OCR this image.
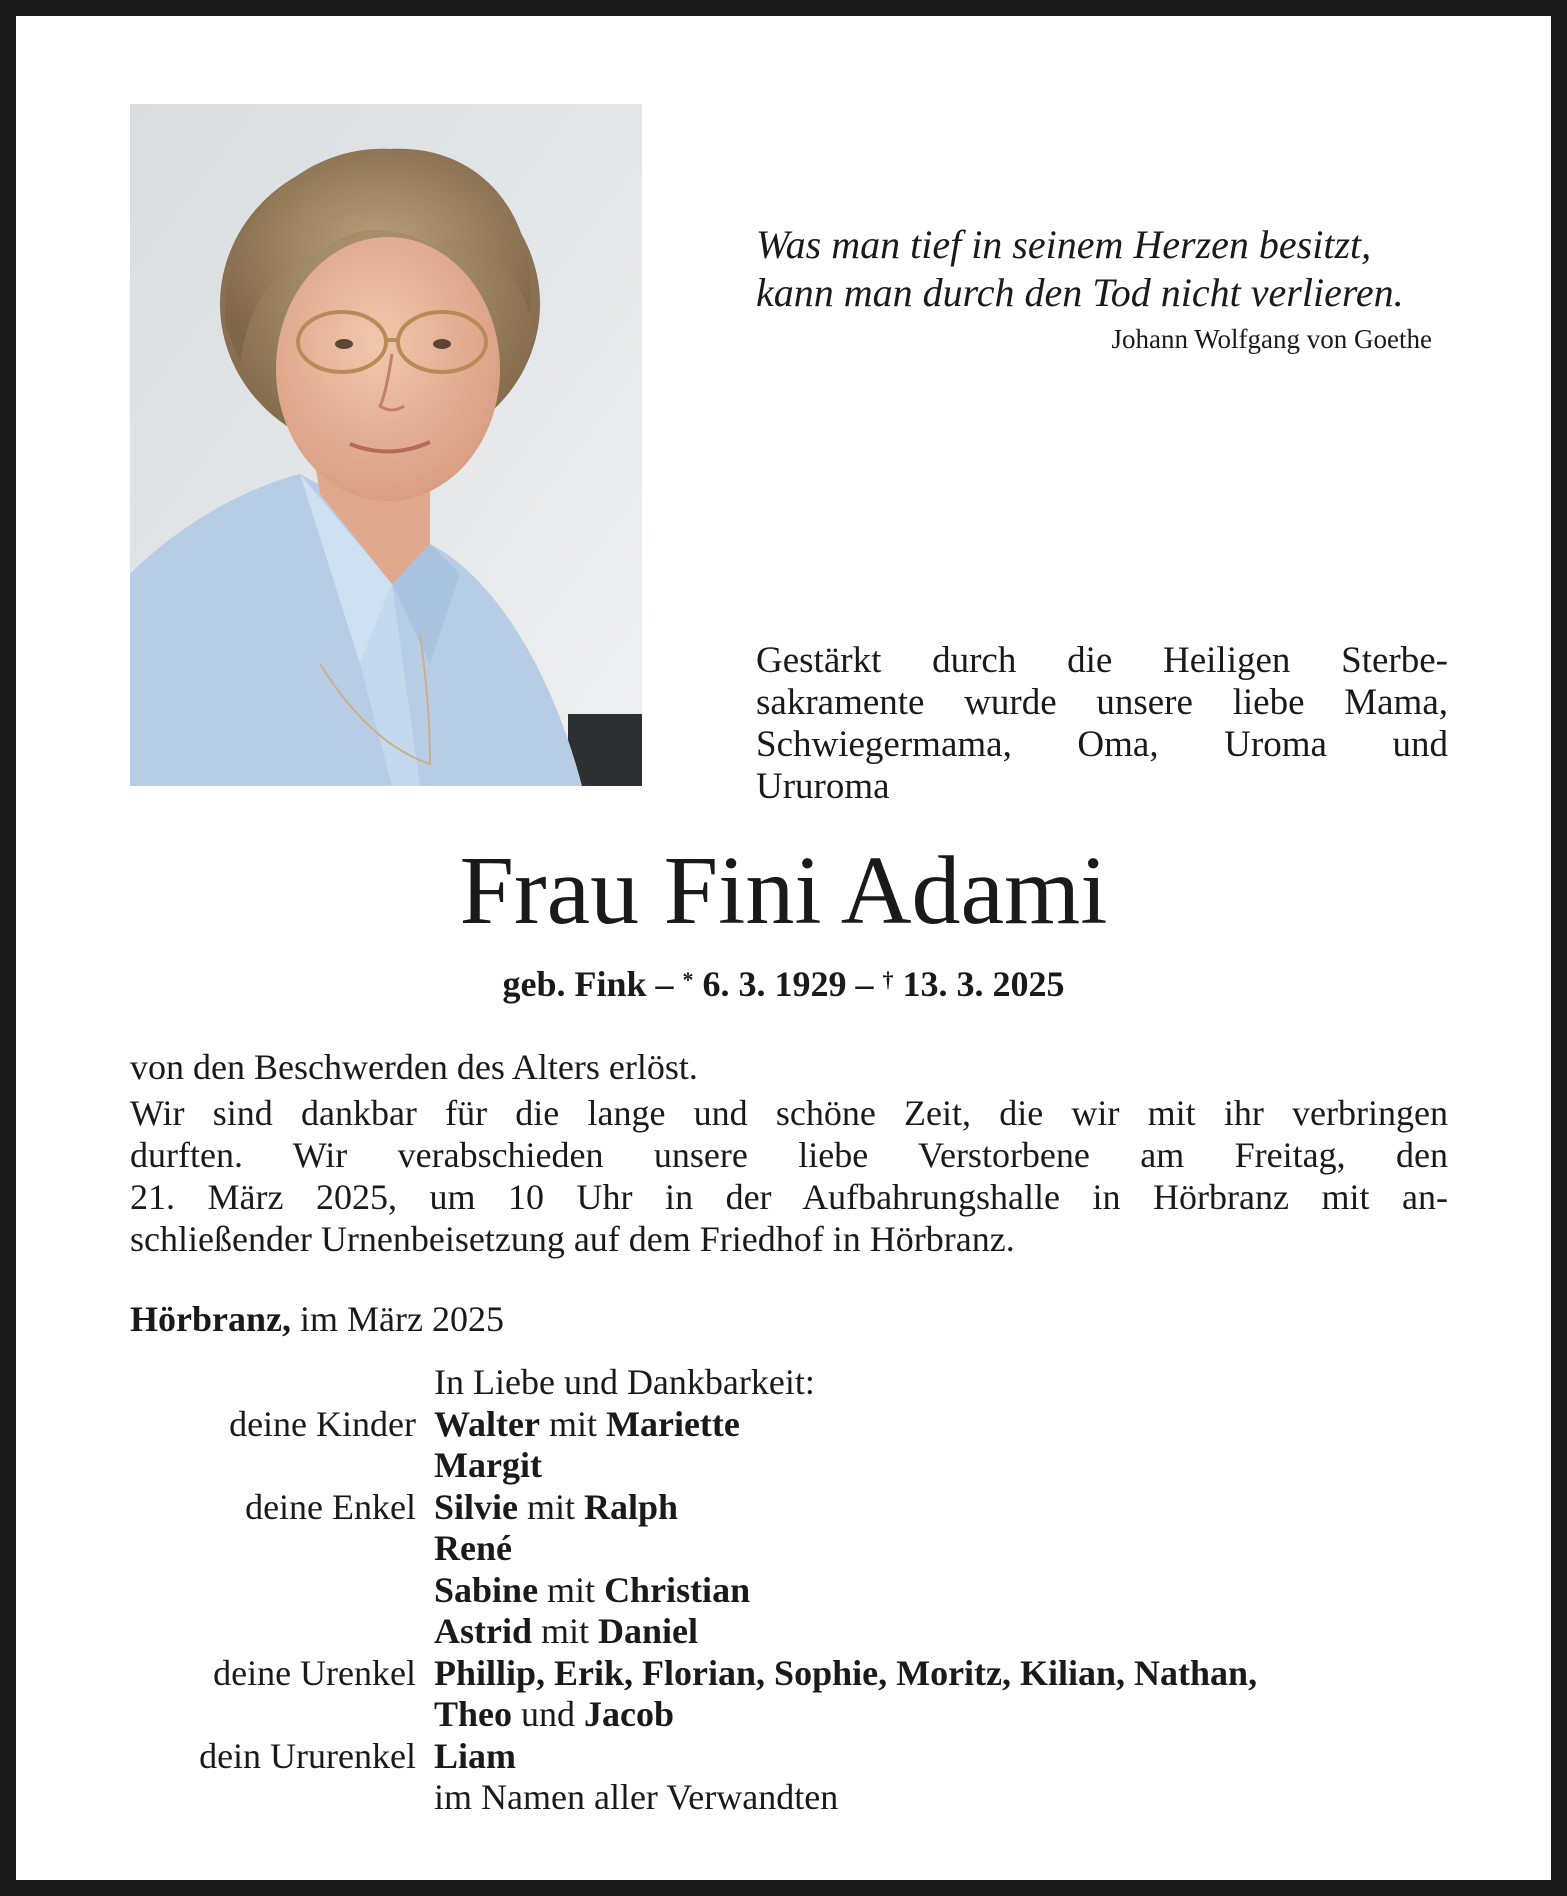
Was man tief in seinem Herzen besitzt,
kann man durch den Tod nicht verlieren.
Johann Wolfgang von Goethe
Gestärkt durch die Heiligen Sterbe-
sakramente wurde unsere liebe Mama,
Schwiegermama, Oma, Uroma und
Ururoma
Frau Fini Adami
geb. Fink – * 6. 3. 1929 – † 13. 3. 2025
von den Beschwerden des Alters erlöst.
Wir sind dankbar für die lange und schöne Zeit, die wir mit ihr verbringen
durften. Wir verabschieden unsere liebe Verstorbene am Freitag, den
21. März 2025, um 10 Uhr in der Aufbahrungshalle in Hörbranz mit an-
schließender Urnenbeisetzung auf dem Friedhof in Hörbranz.
Hörbranz, im März 2025
In Liebe und Dankbarkeit:
deine Kinder Walter mit Mariette
Margit
deine Enkel Silvie mit Ralph
René
Sabine mit Christian
Astrid mit Daniel
deine Urenkel Phillip, Erik, Florian, Sophie, Moritz, Kilian, Nathan,
Theo und Jacob
dein Ururenkel Liam
im Namen aller Verwandten
